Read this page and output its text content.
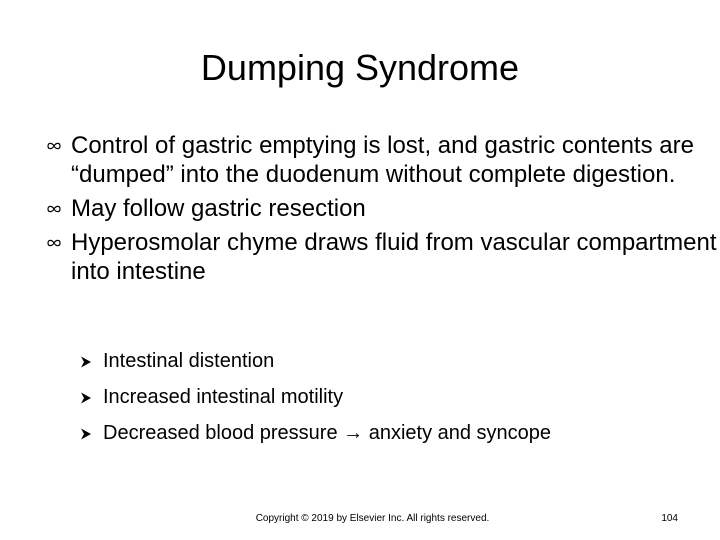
Dumping Syndrome
Control of gastric emptying is lost, and gastric contents are “dumped” into the duodenum without complete digestion.
May follow gastric resection
Hyperosmolar chyme draws fluid from vascular compartment into intestine
Intestinal distention
Increased intestinal motility
Decreased blood pressure → anxiety and syncope
Copyright © 2019 by Elsevier Inc. All rights reserved.	104
